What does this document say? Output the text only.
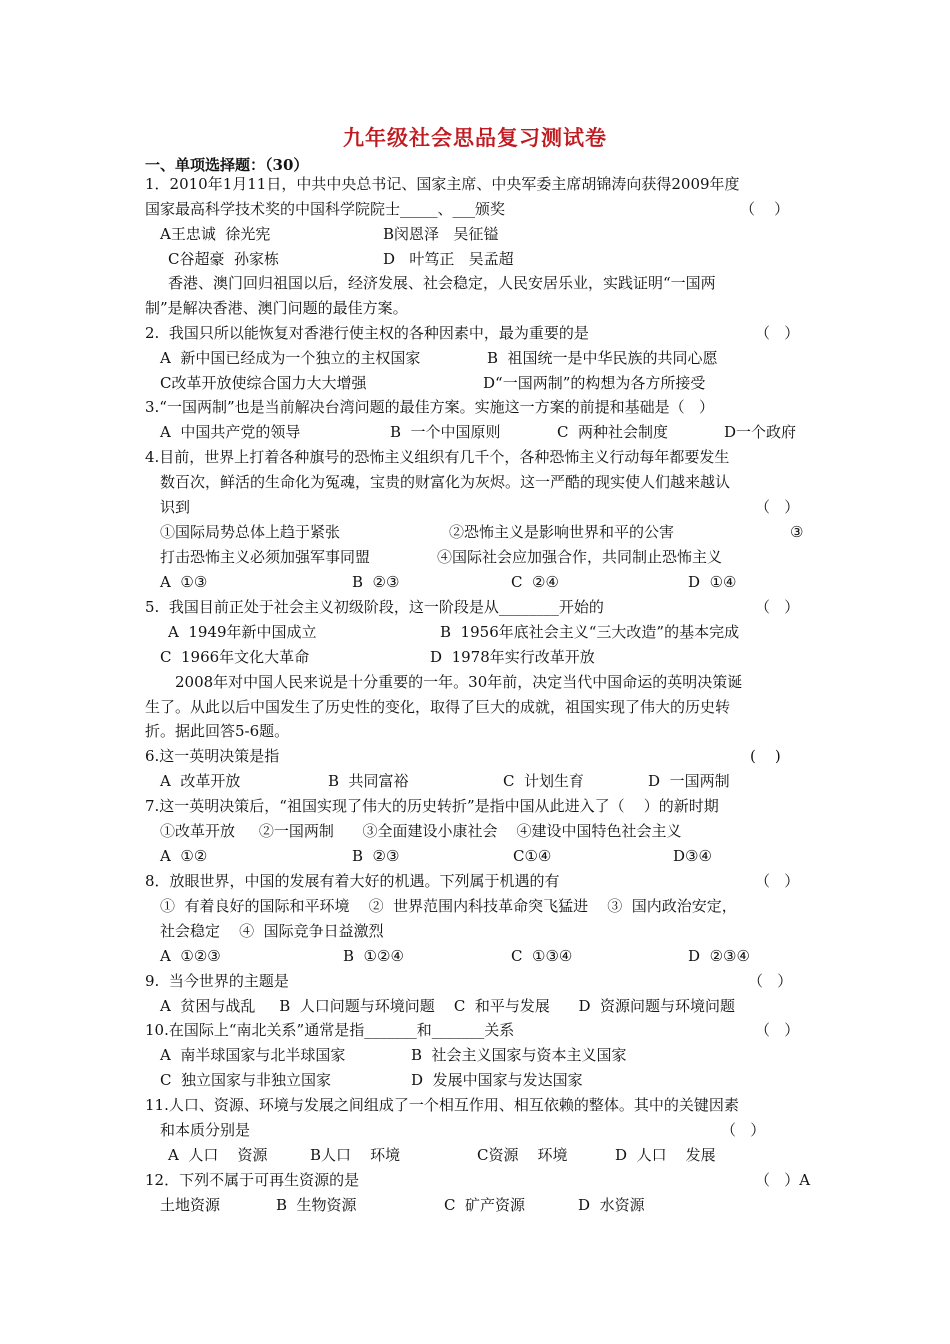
九年级社会思品复习测试卷
一、单项选择题：（30）
1．2010年1月11日，中共中央总书记、国家主席、中央军委主席胡锦涛向获得2009年度
国家最高科学技术奖的中国科学院院士_____、___颁奖	（    ）
A王忠诚  徐光宪	B闵恩泽   吴征镒
C谷超豪  孙家栋	D   叶笃正   吴孟超
香港、澳门回归祖国以后，经济发展、社会稳定，人民安居乐业，实践证明“一国两
制”是解决香港、澳门问题的最佳方案。
2.  我国只所以能恢复对香港行使主权的各种因素中，最为重要的是	（   ）
A  新中国已经成为一个独立的主权国家	B  祖国统一是中华民族的共同心愿
C改革开放使综合国力大大增强	D“一国两制”的构想为各方所接受
3.“一国两制”也是当前解决台湾问题的最佳方案。实施这一方案的前提和基础是（   ）
A  中国共产党的领导	B  一个中国原则	C  两种社会制度	D一个政府
4.目前，世界上打着各种旗号的恐怖主义组织有几千个，各种恐怖主义行动每年都要发生
数百次，鲜活的生命化为冤魂，宝贵的财富化为灰烬。这一严酷的现实使人们越来越认
识到	（   ）
①国际局势总体上趋于紧张	②恐怖主义是影响世界和平的公害	③
打击恐怖主义必须加强军事同盟	④国际社会应加强合作，共同制止恐怖主义
A  ①③	B  ②③	C  ②④	D  ①④
5.  我国目前正处于社会主义初级阶段，这一阶段是从________开始的	（   ）
A  1949年新中国成立	B  1956年底社会主义“三大改造”的基本完成
C  1966年文化大革命	D  1978年实行改革开放
2008年对中国人民来说是十分重要的一年。30年前，决定当代中国命运的英明决策诞
生了。从此以后中国发生了历史性的变化，取得了巨大的成就，祖国实现了伟大的历史转
折。据此回答5-6题。
6.这一英明决策是指	(    )
A  改革开放	B  共同富裕	C  计划生育	D  一国两制
7.这一英明决策后，“祖国实现了伟大的历史转折”是指中国从此进入了（    ）的新时期
①改革开放     ②一国两制      ③全面建设小康社会    ④建设中国特色社会主义
A  ①②	B  ②③	C①④	D③④
8．放眼世界，中国的发展有着大好的机遇。下列属于机遇的有	（   ）
①  有着良好的国际和平环境    ②  世界范围内科技革命突飞猛进    ③  国内政治安定，
社会稳定    ④  国际竞争日益激烈
A  ①②③	B  ①②④	C  ①③④	D  ②③④
9.  当今世界的主题是	（   ）
A  贫困与战乱     B  人口问题与环境问题    C  和平与发展      D  资源问题与环境问题
10.在国际上“南北关系”通常是指_______和_______关系	（   ）
A  南半球国家与北半球国家	B  社会主义国家与资本主义国家
C  独立国家与非独立国家	D  发展中国家与发达国家
11.人口、资源、环境与发展之间组成了一个相互作用、相互依赖的整体。其中的关键因素
和本质分别是	（   ）
A  人口    资源	B人口    环境	C资源    环境	D  人口    发展
12．下列不属于可再生资源的是	（   ）A
土地资源	B  生物资源	C  矿产资源	D  水资源
